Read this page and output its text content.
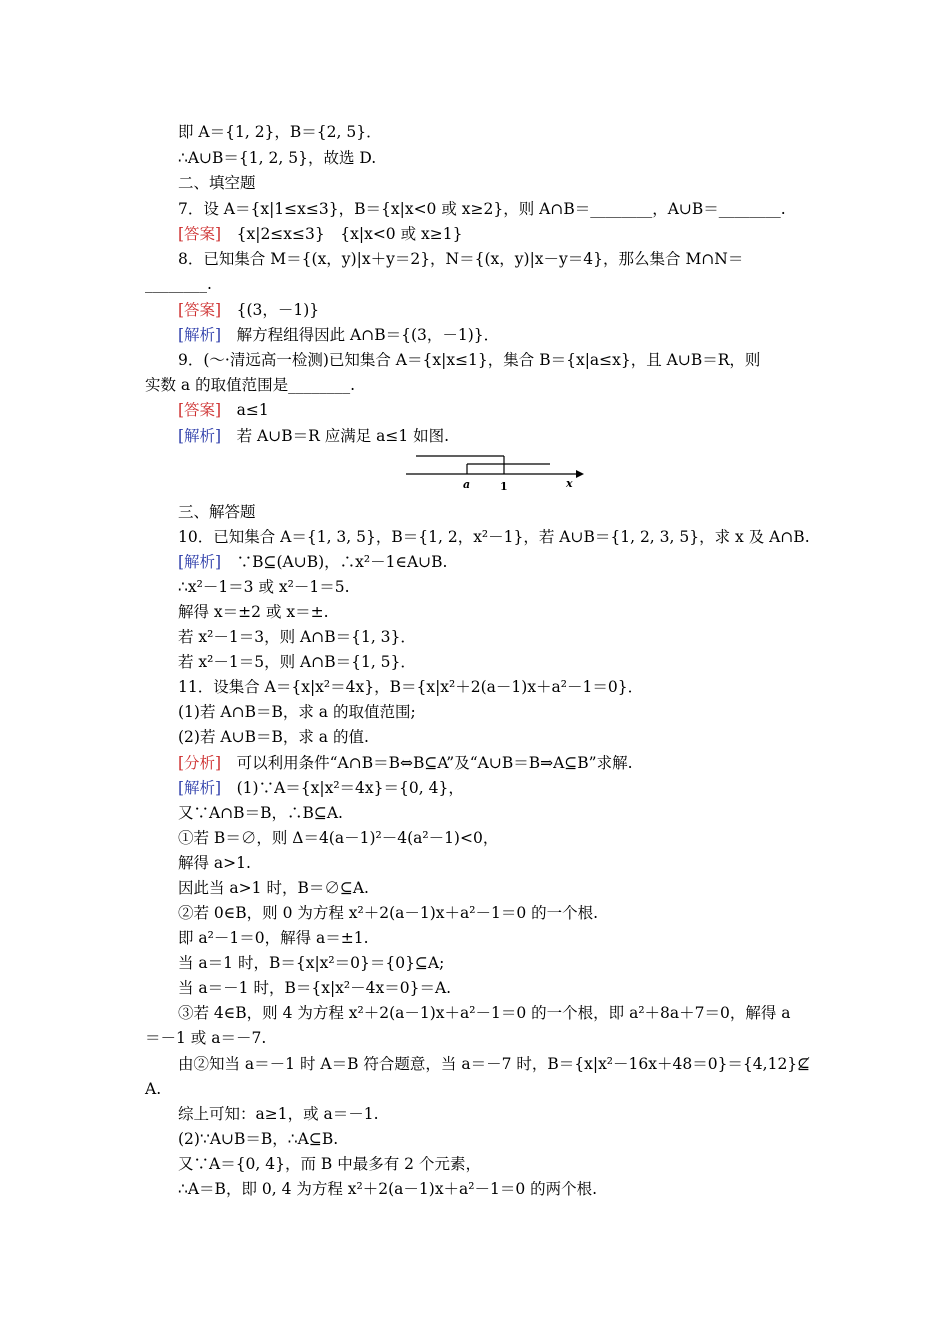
即 A＝{1, 2}，B＝{2, 5}．
∴A∪B＝{1, 2, 5}，故选 D.
二、填空题
7．设 A＝{x|1≤x≤3}，B＝{x|x<0 或 x≥2}，则 A∩B＝________，A∪B＝________.
[答案]　 {x|2≤x≤3}　{x|x<0 或 x≥1}
8．已知集合 M＝{(x，y)|x＋y＝2}，N＝{(x，y)|x－y＝4}，那么集合 M∩N＝
________.
[答案]　 {(3，－1)}
[解析]　 解方程组得因此 A∩B＝{(3，－1)}．
9．(～·清远高一检测)已知集合 A＝{x|x≤1}，集合 B＝{x|a≤x}，且 A∪B＝R，则
实数 a 的取值范围是________.
[答案]　 a≤1
[解析]　 若 A∪B＝R 应满足 a≤1 如图.
三、解答题
10．已知集合 A＝{1, 3, 5}，B＝{1, 2，x²－1}，若 A∪B＝{1, 2, 3, 5}，求 x 及 A∩B.
[解析]　 ∵B⊆(A∪B)，∴x²－1∈A∪B.
∴x²－1＝3 或 x²－1＝5.
解得 x＝±2 或 x＝±.
若 x²－1＝3，则 A∩B＝{1, 3}．
若 x²－1＝5，则 A∩B＝{1, 5}．
11．设集合 A＝{x|x²＝4x}，B＝{x|x²＋2(a－1)x＋a²－1＝0}．
(1)若 A∩B＝B，求 a 的取值范围;
(2)若 A∪B＝B，求 a 的值.
[分析]　 可以利用条件“A∩B＝B⇔B⊆A”及“A∪B＝B⇒A⊆B”求解.
[解析]　 (1)∵A＝{x|x²＝4x}＝{0, 4}，
又∵A∩B＝B，∴B⊆A.
①若 B＝∅，则 Δ＝4(a－1)²－4(a²－1)<0，
解得 a>1.
因此当 a>1 时，B＝∅⊆A.
②若 0∈B，则 0 为方程 x²＋2(a－1)x＋a²－1＝0 的一个根.
即 a²－1＝0，解得 a＝±1.
当 a＝1 时，B＝{x|x²＝0}＝{0}⊆A;
当 a＝－1 时，B＝{x|x²－4x＝0}＝A.
③若 4∈B，则 4 为方程 x²＋2(a－1)x＋a²－1＝0 的一个根，即 a²＋8a＋7＝0，解得 a
＝－1 或 a＝－7.
由②知当 a＝－1 时 A＝B 符合题意，当 a＝－7 时，B＝{x|x²－16x＋48＝0}＝{4,12}⊈
A.
综上可知：a≥1，或 a＝－1.
(2)∵A∪B＝B，∴A⊆B.
又∵A＝{0, 4}，而 B 中最多有 2 个元素，
∴A＝B，即 0, 4 为方程 x²＋2(a－1)x＋a²－1＝0 的两个根.
a	1	x
